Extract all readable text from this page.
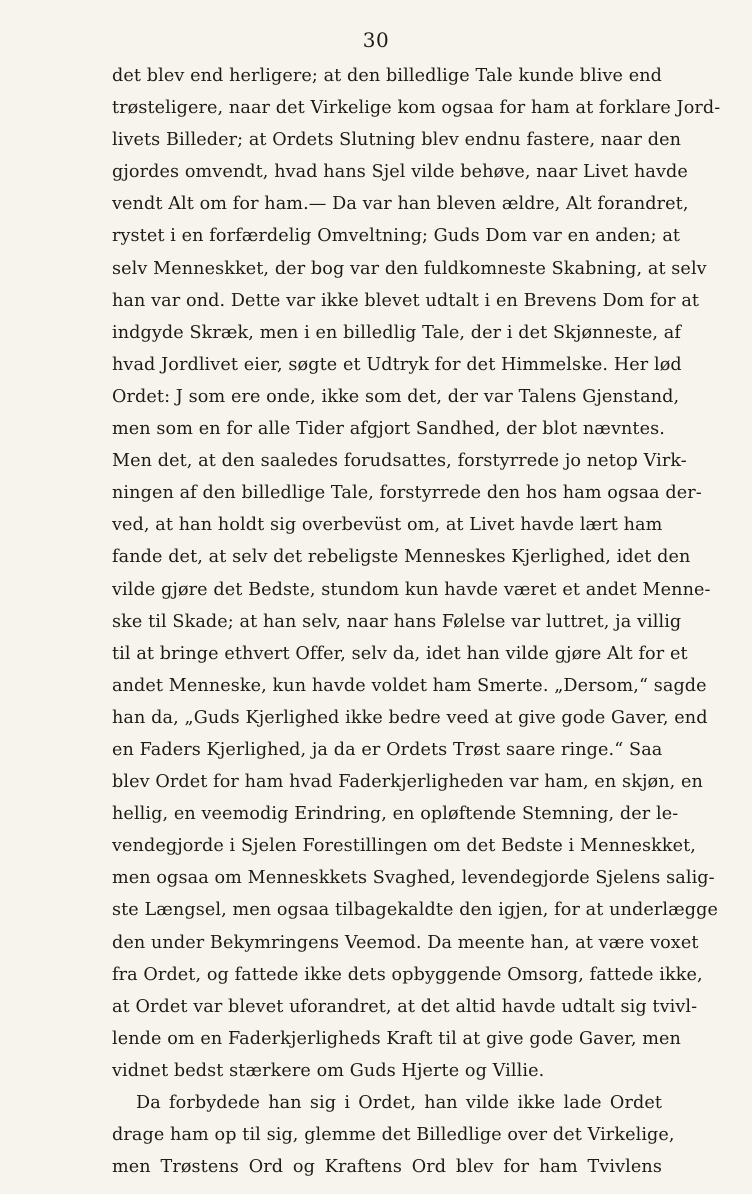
30
det blev end herligere; at den billedlige Tale kunde blive end
trøsteligere, naar det Virkelige kom ogsaa for ham at forklare Jord-
livets Billeder; at Ordets Slutning blev endnu fastere, naar den
gjordes omvendt, hvad hans Sjel vilde behøve, naar Livet havde
vendt Alt om for ham.— Da var han bleven ældre, Alt forandret,
rystet i en forfærdelig Omveltning; Guds Dom var en anden; at
selv Menneskket, der bog var den fuldkomneste Skabning, at selv
han var ond. Dette var ikke blevet udtalt i en Brevens Dom for at
indgyde Skræk, men i en billedlig Tale, der i det Skjønneste, af
hvad Jordlivet eier, søgte et Udtryk for det Himmelske. Her lød
Ordet: J som ere onde, ikke som det, der var Talens Gjenstand,
men som en for alle Tider afgjort Sandhed, der blot nævntes.
Men det, at den saaledes forudsattes, forstyrrede jo netop Virk-
ningen af den billedlige Tale, forstyrrede den hos ham ogsaa der-
ved, at han holdt sig overbevüst om, at Livet havde lært ham
fande det, at selv det rebeligste Menneskes Kjerlighed, idet den
vilde gjøre det Bedste, stundom kun havde været et andet Menne-
ske til Skade; at han selv, naar hans Følelse var luttret, ja villig
til at bringe ethvert Offer, selv da, idet han vilde gjøre Alt for et
andet Menneske, kun havde voldet ham Smerte. „Dersom,“ sagde
han da, „Guds Kjerlighed ikke bedre veed at give gode Gaver, end
en Faders Kjerlighed, ja da er Ordets Trøst saare ringe.“ Saa
blev Ordet for ham hvad Faderkjerligheden var ham, en skjøn, en
hellig, en veemodig Erindring, en opløftende Stemning, der le-
vendegjorde i Sjelen Forestillingen om det Bedste i Menneskket,
men ogsaa om Menneskkets Svaghed, levendegjorde Sjelens salig-
ste Længsel, men ogsaa tilbagekaldte den igjen, for at underlægge
den under Bekymringens Veemod. Da meente han, at være voxet
fra Ordet, og fattede ikke dets opbyggende Omsorg, fattede ikke,
at Ordet var blevet uforandret, at det altid havde udtalt sig tvivl-
lende om en Faderkjerligheds Kraft til at give gode Gaver, men
vidnet bedst stærkere om Guds Hjerte og Villie.
Da forbydede han sig i Ordet, han vilde ikke lade Ordet
drage ham op til sig, glemme det Billedlige over det Virkelige,
men Trøstens Ord og Kraftens Ord blev for ham Tvivlens
